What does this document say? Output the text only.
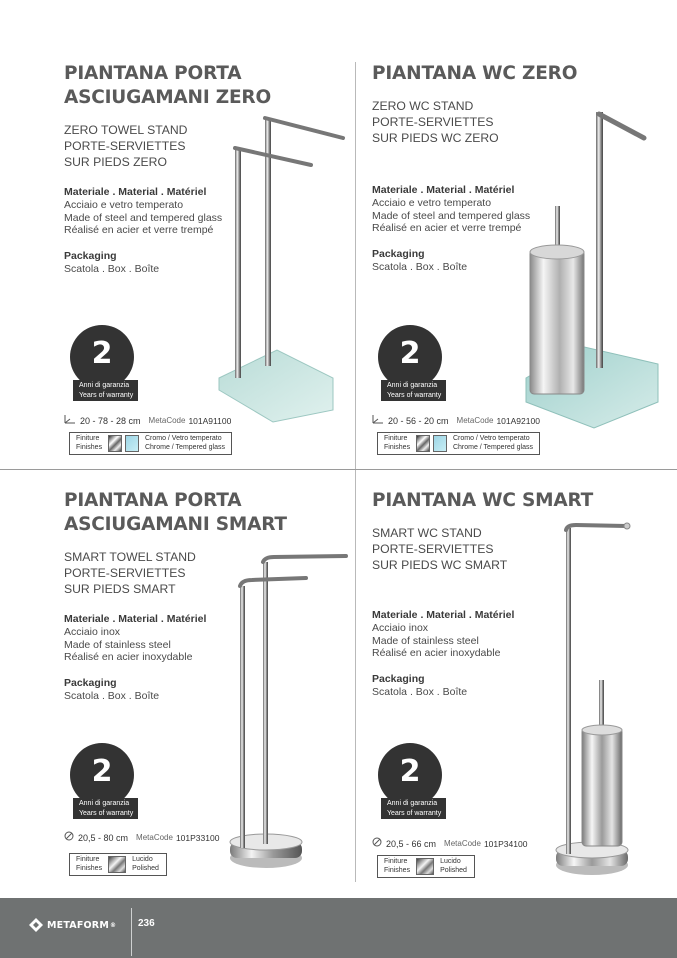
PIANTANA PORTA
ASCIUGAMANI ZERO
ZERO TOWEL STAND
PORTE-SERVIETTES
SUR PIEDS ZERO
Materiale . Material . Matériel
Acciaio e vetro temperato
Made of steel and tempered glass
Réalisé en acier et verre trempé
Packaging
Scatola . Box . Boîte
2
Anni di garanzia
Years of warranty
20 - 78 - 28 cm MetaCode 101A91100
Finiture
Finishes
Cromo / Vetro temperato
Chrome / Tempered glass
PIANTANA WC ZERO
ZERO WC STAND
PORTE-SERVIETTES
SUR PIEDS WC ZERO
Materiale . Material . Matériel
Acciaio e vetro temperato
Made of steel and tempered glass
Réalisé en acier et verre trempé
Packaging
Scatola . Box . Boîte
2
Anni di garanzia
Years of warranty
20 - 56 - 20 cm MetaCode 101A92100
Finiture
Finishes
Cromo / Vetro temperato
Chrome / Tempered glass
PIANTANA PORTA
ASCIUGAMANI SMART
SMART TOWEL STAND
PORTE-SERVIETTES
SUR PIEDS SMART
Materiale . Material . Matériel
Acciaio inox
Made of stainless steel
Réalisé en acier inoxydable
Packaging
Scatola . Box . Boîte
2
Anni di garanzia
Years of warranty
20,5 - 80 cm MetaCode 101P33100
Finiture
Finishes
Lucido
Polished
PIANTANA WC SMART
SMART WC STAND
PORTE-SERVIETTES
SUR PIEDS WC SMART
Materiale . Material . Matériel
Acciaio inox
Made of stainless steel
Réalisé en acier inoxydable
Packaging
Scatola . Box . Boîte
2
Anni di garanzia
Years of warranty
20,5 - 66 cm MetaCode 101P34100
Finiture
Finishes
Lucido
Polished
METAFORM ® 236
